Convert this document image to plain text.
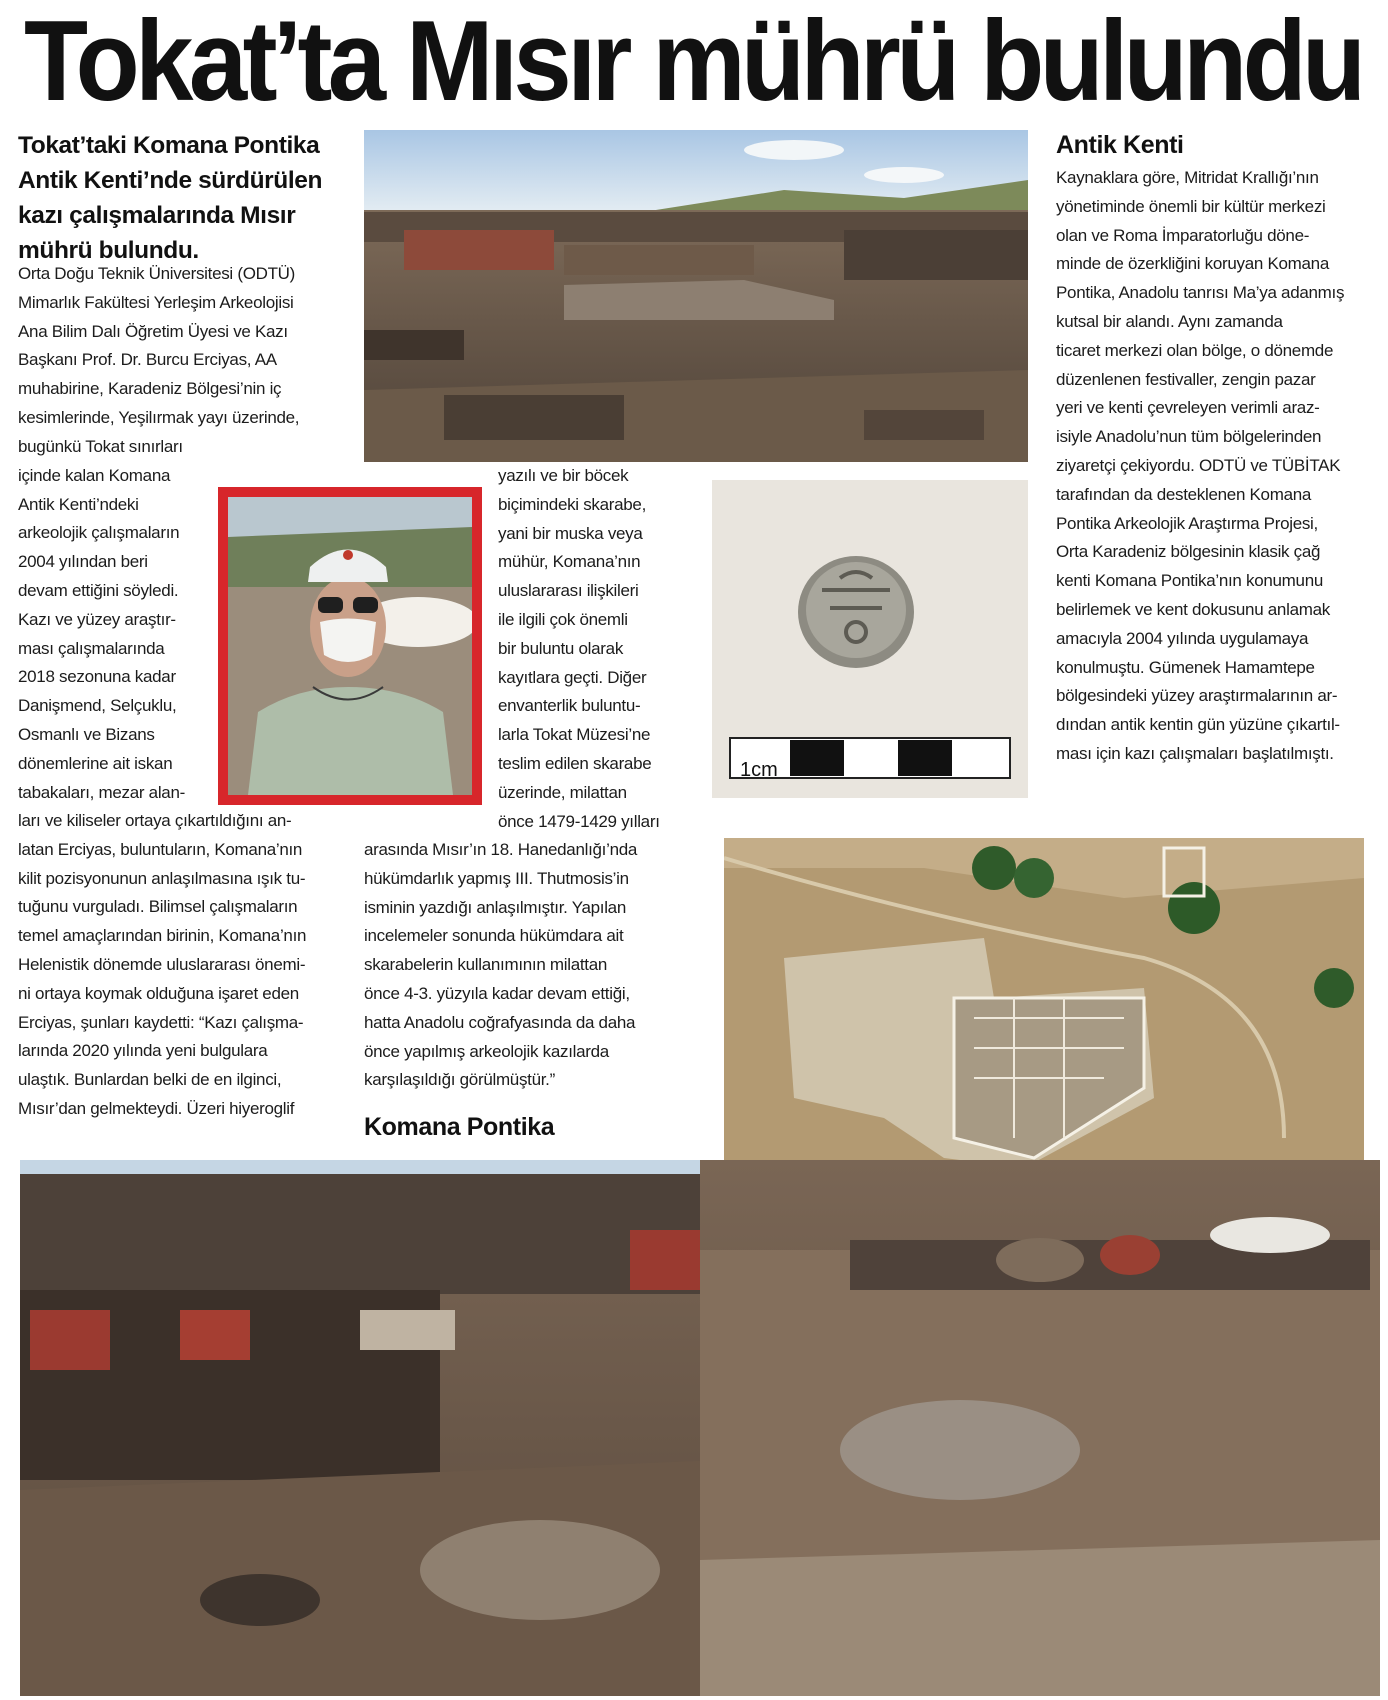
Tokat’ta Mısır mührü bulundu

Tokat’taki Komana Pontika Antik Kenti’nde sürdürülen kazı çalışmalarında Mısır mührü bulundu.

Orta Doğu Teknik Üniversitesi (ODTÜ)
Mimarlık Fakültesi Yerleşim Arkeolojisi
Ana Bilim Dalı Öğretim Üyesi ve Kazı
Başkanı Prof. Dr. Burcu Erciyas, AA
muhabirine, Karadeniz Bölgesi’nin iç
kesimlerinde, Yeşilırmak yayı üzerinde,

bugünkü Tokat sınırları
içinde kalan Komana
Antik Kenti’ndeki
arkeolojik çalışmaların
2004 yılından beri
devam ettiğini söyledi.
Kazı ve yüzey araştır-
ması çalışmalarında
2018 sezonuna kadar
Danişmend, Selçuklu,
Osmanlı ve Bizans
dönemlerine ait iskan
tabakaları, mezar alan-

ları ve kiliseler ortaya çıkartıldığını an-
latan Erciyas, buluntuların, Komana’nın
kilit pozisyonunun anlaşılmasına ışık tu-
tuğunu vurguladı. Bilimsel çalışmaların
temel amaçlarından birinin, Komana’nın
Helenistik dönemde uluslararası önemi-
ni ortaya koymak olduğuna işaret eden
Erciyas, şunları kaydetti: “Kazı çalışma-
larında 2020 yılında yeni bulgulara
ulaştık. Bunlardan belki de en ilginci,
Mısır’dan gelmekteydi. Üzeri hiyeroglif

yazılı ve bir böcek
biçimindeki skarabe,
yani bir muska veya
mühür, Komana’nın
uluslararası ilişkileri
ile ilgili çok önemli
bir buluntu olarak
kayıtlara geçti. Diğer
envanterlik buluntu-
larla Tokat Müzesi’ne
teslim edilen skarabe
üzerinde, milattan
önce 1479-1429 yılları

arasında Mısır’ın 18. Hanedanlığı’nda
hükümdarlık yapmış III. Thutmosis’in
isminin yazdığı anlaşılmıştır. Yapılan
incelemeler sonunda hükümdara ait
skarabelerin kullanımının milattan
önce 4-3. yüzyıla kadar devam ettiği,
hatta Anadolu coğrafyasında da daha
önce yapılmış arkeolojik kazılarda
karşılaşıldığı görülmüştür.”

Komana Pontika
Antik Kenti

Kaynaklara göre, Mitridat Krallığı’nın
yönetiminde önemli bir kültür merkezi
olan ve Roma İmparatorluğu döne-
minde de özerkliğini koruyan Komana
Pontika, Anadolu tanrısı Ma’ya adanmış
kutsal bir alandı. Aynı zamanda
ticaret merkezi olan bölge, o dönemde
düzenlenen festivaller, zengin pazar
yeri ve kenti çevreleyen verimli araz-
isiyle Anadolu’nun tüm bölgelerinden
ziyaretçi çekiyordu. ODTÜ ve TÜBİTAK
tarafından da desteklenen Komana
Pontika Arkeolojik Araştırma Projesi,
Orta Karadeniz bölgesinin klasik çağ
kenti Komana Pontika’nın konumunu
belirlemek ve kent dokusunu anlamak
amacıyla 2004 yılında uygulamaya
konulmuştu. Gümenek Hamamtepe
bölgesindeki yüzey araştırmalarının ar-
dından antik kentin gün yüzüne çıkartıl-
ması için kazı çalışmaları başlatılmıştı.

1cm
